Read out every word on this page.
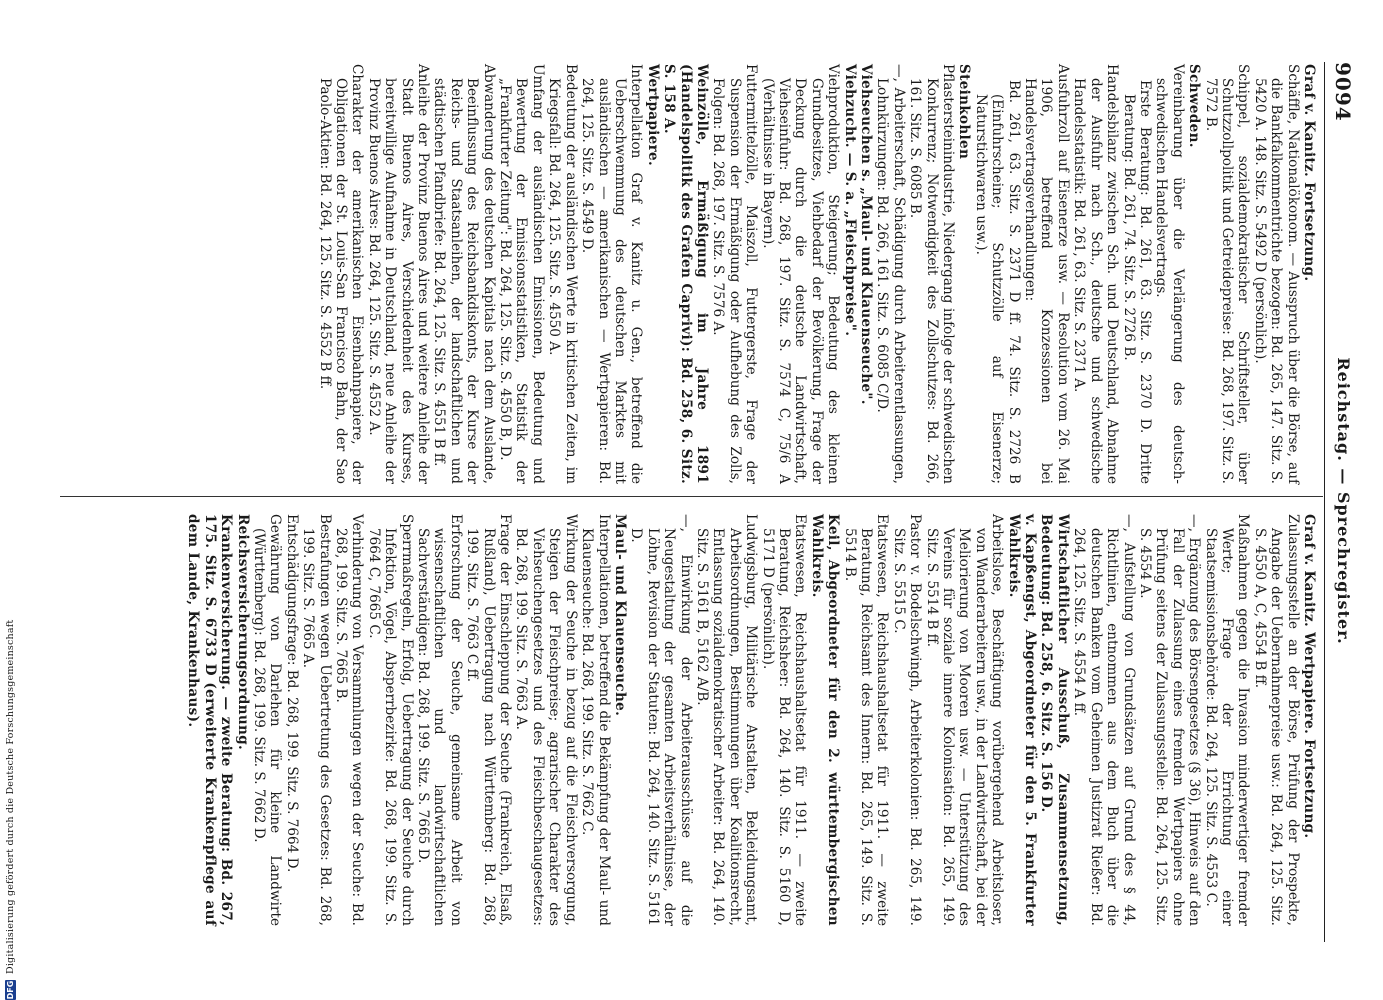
9094
Reichstag. — Sprechregister.

Graf v. Kanitz. Fortsetzung.

Schäffle, Nationalökonom. — Ausspruch über die Börse, auf die Bankfalkommentrichte bezogen: Bd. 265, 147. Sitz. S. 5420 A. 148. Sitz. S. 5492 D (persönlich).

Schippel, sozialdemokratischer Schriftsteller, über Schutzzollpolitik und Getreidepreise: Bd. 268, 197. Sitz. S. 7572 B.

Schweden.

Vereinbarung über die Verlängerung des deutsch-schwedischen Handelsvertrags.

Erste Beratung: Bd. 261, 63. Sitz. S. 2370 D. Dritte Beratung: Bd. 261, 74. Sitz. S. 2726 B.

Handelsbilanz zwischen Sch. und Deutschland, Abnahme der Ausfuhr nach Sch., deutsche und schwedische Handelsstatistik: Bd. 261, 63. Sitz. S. 2371 A.

Ausfuhrzoll auf Eisenerze usw. — Resolution vom 26. Mai 1906, betreffend Konzessionen bei Handelsvertragsverhandlungen:

Bd. 261, 63. Sitz. S. 2371 D ff. 74. Sitz. S. 2726 B (Einfuhrscheine; Schutzzölle auf Eisenerze; Naturstichwaren usw.).

Steinkohlen

Pflastersteinindustrie, Niedergang infolge der schwedischen Konkurrenz; Notwendigkeit des Zollschutzes: Bd. 266, 161. Sitz. S. 6085 B.

—, Arbeiterschaft, Schädigung durch Arbeiterentlassungen, Lohnkürzungen: Bd. 266, 161. Sitz. S. 6085 C/D.

Viehseuchen s. „Maul- und Klauenseuche".

Viehzucht. — S. a. „Fleischpreise".

Viehproduktion, Steigerung; Bedeutung des kleinen Grundbesitzes, Viehbedarf der Bevölkerung, Frage der Deckung durch die deutsche Landwirtschaft, Viehseinfuhr: Bd. 268, 197. Sitz. S. 7574 C, 75/6 A (Verhältnisse in Bayern).

Futtermittelzölle, Maiszoll, Futtergerste, Frage der Suspension der Ermäßigung oder Aufhebung des Zolls, Folgen: Bd. 268, 197. Sitz. S. 7576 A.

Weinzölle, Ermäßigung im Jahre 1891 (Handelspolitik des Grafen Caprivi): Bd. 258, 6. Sitz. S. 158 A.

Wertpapiere.

Interpellation Graf v. Kanitz u. Gen., betreffend die Ueberschwemmung des deutschen Marktes mit ausländischen — amerikanischen — Wertpapieren: Bd. 264, 125. Sitz. S. 4549 D.

Bedeutung der ausländischen Werte in kritischen Zeiten, im Kriegsfall: Bd. 264, 125. Sitz. S. 4550 A.

Umfang der ausländischen Emissionen, Bedeutung und Bewertung der Emissionsstatistiken, Statistik der „Frankfurter Zeitung": Bd. 264, 125. Sitz. S. 4550 B, D.

Abwanderung des deutschen Kapitals nach dem Auslande, Beeinflussung des Reichsbankdiskonts, der Kurse der Reichs- und Staatsanleihen, der landschaftlichen und städtischen Pfandbriefe: Bd. 264, 125. Sitz. S. 4551 B ff.

Anleihe der Provinz Buenos Aires und weitere Anleihe der Stadt Buenos Aires, Verschiedenheit des Kurses, bereitwillige Aufnahme in Deutschland, neue Anleihe der Provinz Buenos Aires: Bd. 264, 125. Sitz. S. 4552 A.

Charakter der amerikanischen Eisenbahnpapiere, der Obligationen der St. Louis-San Francisco Bahn, der Sao Paolo-Aktien: Bd. 264, 125. Sitz. S. 4552 B ff.

Graf v. Kanitz. Wertpapiere. Fortsetzung.

Zulassungsstelle an der Börse, Prüfung der Prospekte, Angabe der Uebernahmepreise usw.: Bd. 264, 125. Sitz. S. 4550 A, C, 4554 B ff.

Maßnahmen gegen die Invasion minderwertiger fremder Werte; Frage der Errichtung einer Staatsemissionsbehörde: Bd. 264, 125. Sitz. S. 4553 C.

—, Ergänzung des Börsengesetzes (§ 36), Hinweis auf den Fall der Zulassung eines fremden Wertpapiers ohne Prüfung seitens der Zulassungsstelle: Bd. 264, 125. Sitz. S. 4554 A.

—, Aufstellung von Grundsätzen auf Grund des § 44, Richtlinien, entnommen aus dem Buch über die deutschen Banken vom Geheimen Justizrat Rießer: Bd. 264, 125. Sitz. S. 4554 A ff.

Wirtschaftlicher Ausschuß, Zusammensetzung, Bedeutung: Bd. 258, 6. Sitz. S. 156 D.

v. Kapßengst, Abgeordneter für den 5. Frankfurter Wahlkreis.

Arbeitslose, Beschäftigung vorübergehend Arbeitsloser, von Wanderarbeitern usw., in der Landwirtschaft, bei der Meliorierung von Mooren usw. — Unterstützung des Vereins für soziale innere Kolonisation: Bd. 265, 149. Sitz. S. 5514 B ff.

Pastor v. Bodelschwingh, Arbeiterkolonien: Bd. 265, 149. Sitz. S. 5515 C.

Etatswesen, Reichshaushaltsetat für 1911. — zweite Beratung, Reichsamt des Innern: Bd. 265, 149. Sitz. S. 5514 B.

Keil, Abgeordneter für den 2. württembergischen Wahlkreis.

Etatswesen, Reichshaushaltsetat für 1911. — zweite Beratung, Reichsheer: Bd. 264, 140. Sitz. S. 5160 D, 5171 D (persönlich).

Ludwigsburg, Militärische Anstalten, Bekleidungsamt, Arbeitsordnungen, Bestimmungen über Koalitionsrecht, Entlassung sozialdemokratischer Arbeiter: Bd. 264, 140. Sitz. S. 5161 B, 5162 A/B.

—, Einwirkung der Arbeiterausschüsse auf die Neugestaltung der gesamten Arbeitsverhältnisse, der Löhne, Revision der Statuten: Bd. 264, 140. Sitz. S. 5161 D.

Maul- und Klauenseuche.

Interpellationen, betreffend die Bekämpfung der Maul- und Klauenseuche: Bd. 268, 199. Sitz. S. 7662 C.

Wirkung der Seuche in bezug auf die Fleischversorgung, Steigen der Fleischpreise; agrarischer Charakter des Viehseuchengesetzes und des Fleischbeschaugesetzes: Bd. 268, 199. Sitz. S. 7663 A.

Frage der Einschleppung der Seuche (Frankreich, Elsaß, Rußland), Uebertragung nach Württemberg: Bd. 268, 199. Sitz. S. 7663 C ff.

Erforschung der Seuche, gemeinsame Arbeit von wissenschaftlichen und landwirtschaftlichen Sachverständigen: Bd. 268, 199. Sitz. S. 7665 D.

Sperrmaßregeln, Erfolg, Uebertragung der Seuche durch Infektion, Vögel, Absperrbezirke: Bd. 268, 199. Sitz. S. 7664 C, 7665 C.

Verhinderung von Versammlungen wegen der Seuche: Bd. 268, 199. Sitz. S. 7665 B.

Bestrafungen wegen Uebertretung des Gesetzes: Bd. 268, 199. Sitz. S. 7665 A.

Entschädigungsfrage: Bd. 268, 199. Sitz. S. 7664 D.

Gewährung von Darlehen für kleine Landwirte (Württemberg): Bd. 268, 199. Sitz. S. 7662 D.

Reichsversicherungsordnung. Krankenversicherung. — zweite Beratung: Bd. 267, 175. Sitz. S. 6733 D (erweiterte Krankenpflege auf dem Lande, Krankenhaus).

DFG
Digitalisierung gefördert durch die Deutsche Forschungsgemeinschaft
